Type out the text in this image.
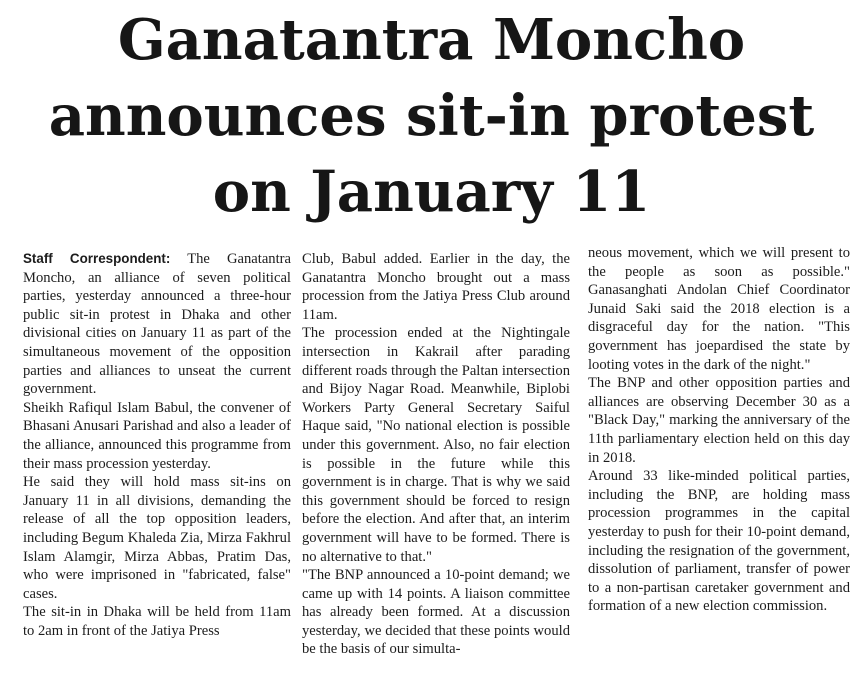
Ganatantra Moncho
announces sit-in protest
on January 11

Staff Correspondent: The Ganatantra Moncho, an alliance of seven political parties, yesterday announced a three-hour public sit-in protest in Dhaka and other divisional cities on January 11 as part of the simultaneous movement of the opposition parties and alliances to unseat the current government.

Sheikh Rafiqul Islam Babul, the convener of Bhasani Anusari Parishad and also a leader of the alliance, announced this programme from their mass procession yesterday.

He said they will hold mass sit-ins on January 11 in all divisions, demanding the release of all the top opposition leaders, including Begum Khaleda Zia, Mirza Fakhrul Islam Alamgir, Mirza Abbas, Pratim Das, who were imprisoned in "fabricated, false" cases.

The sit-in in Dhaka will be held from 11am to 2am in front of the Jatiya Press

Club, Babul added. Earlier in the day, the Ganatantra Moncho brought out a mass procession from the Jatiya Press Club around 11am.

The procession ended at the Nightingale intersection in Kakrail after parading different roads through the Paltan intersection and Bijoy Nagar Road. Meanwhile, Biplobi Workers Party General Secretary Saiful Haque said, "No national election is possible under this government. Also, no fair election is possible in the future while this government is in charge. That is why we said this government should be forced to resign before the election. And after that, an interim government will have to be formed. There is no alternative to that."

"The BNP announced a 10-point demand; we came up with 14 points. A liaison committee has already been formed. At a discussion yesterday, we decided that these points would be the basis of our simulta-

neous movement, which we will present to the people as soon as possible." Ganasanghati Andolan Chief Coordinator Junaid Saki said the 2018 election is a disgraceful day for the nation. "This government has joepardised the state by looting votes in the dark of the night."

The BNP and other opposition parties and alliances are observing December 30 as a "Black Day," marking the anniversary of the 11th parliamentary election held on this day in 2018.

Around 33 like-minded political parties, including the BNP, are holding mass procession programmes in the capital yesterday to push for their 10-point demand, including the resignation of the government, dissolution of parliament, transfer of power to a non-partisan caretaker government and formation of a new election commission.
